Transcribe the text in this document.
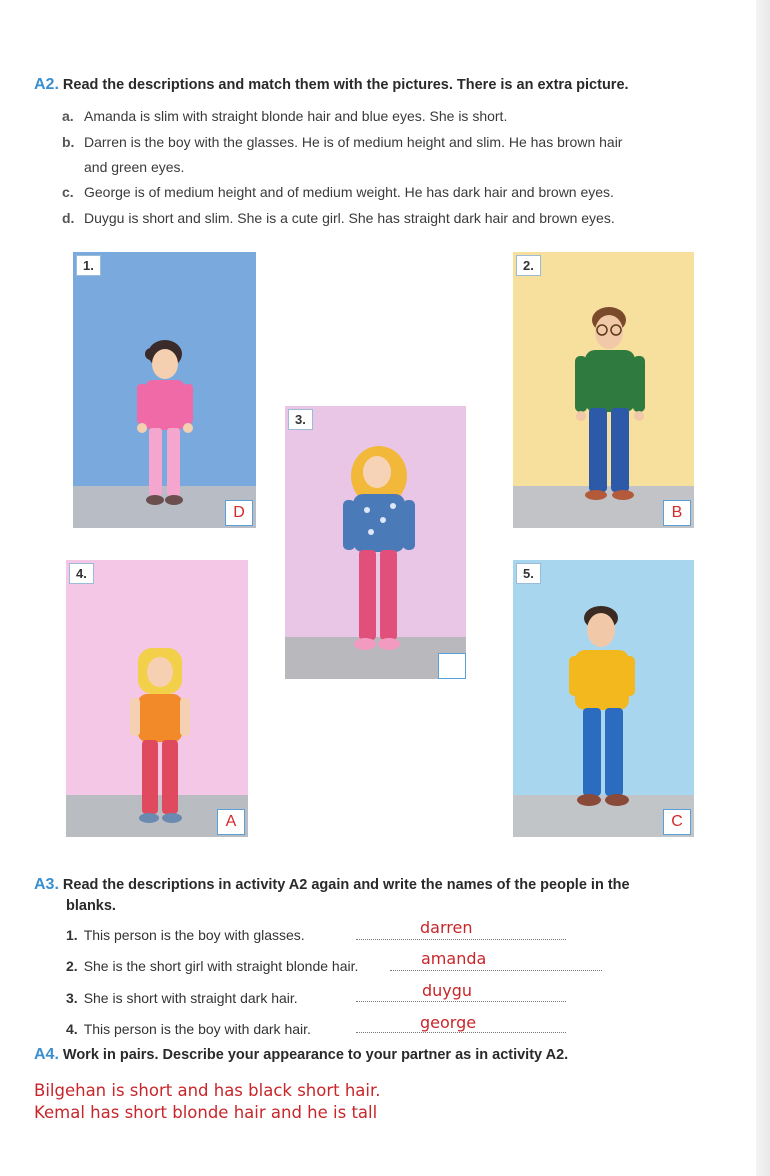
A2. Read the descriptions and match them with the pictures. There is an extra picture.
a. Amanda is slim with straight blonde hair and blue eyes. She is short.
b. Darren is the boy with the glasses. He is of medium height and slim. He has brown hair
and green eyes.
c. George is of medium height and of medium weight. He has dark hair and brown eyes.
d. Duygu is short and slim. She is a cute girl. She has straight dark hair and brown eyes.
1.
D
2.
B
3.
4.
A
5.
C
A3. Read the descriptions in activity A2 again and write the names of the people in the
blanks.
1. This person is the boy with glasses.	darren
2. She is the short girl with straight blonde hair.	amanda
3. She is short with straight dark hair.	duygu
4. This person is the boy with dark hair.	george
A4. Work in pairs. Describe your appearance to your partner as in activity A2.
Bilgehan is short and has black short hair.
Kemal has short blonde hair and he is tall
